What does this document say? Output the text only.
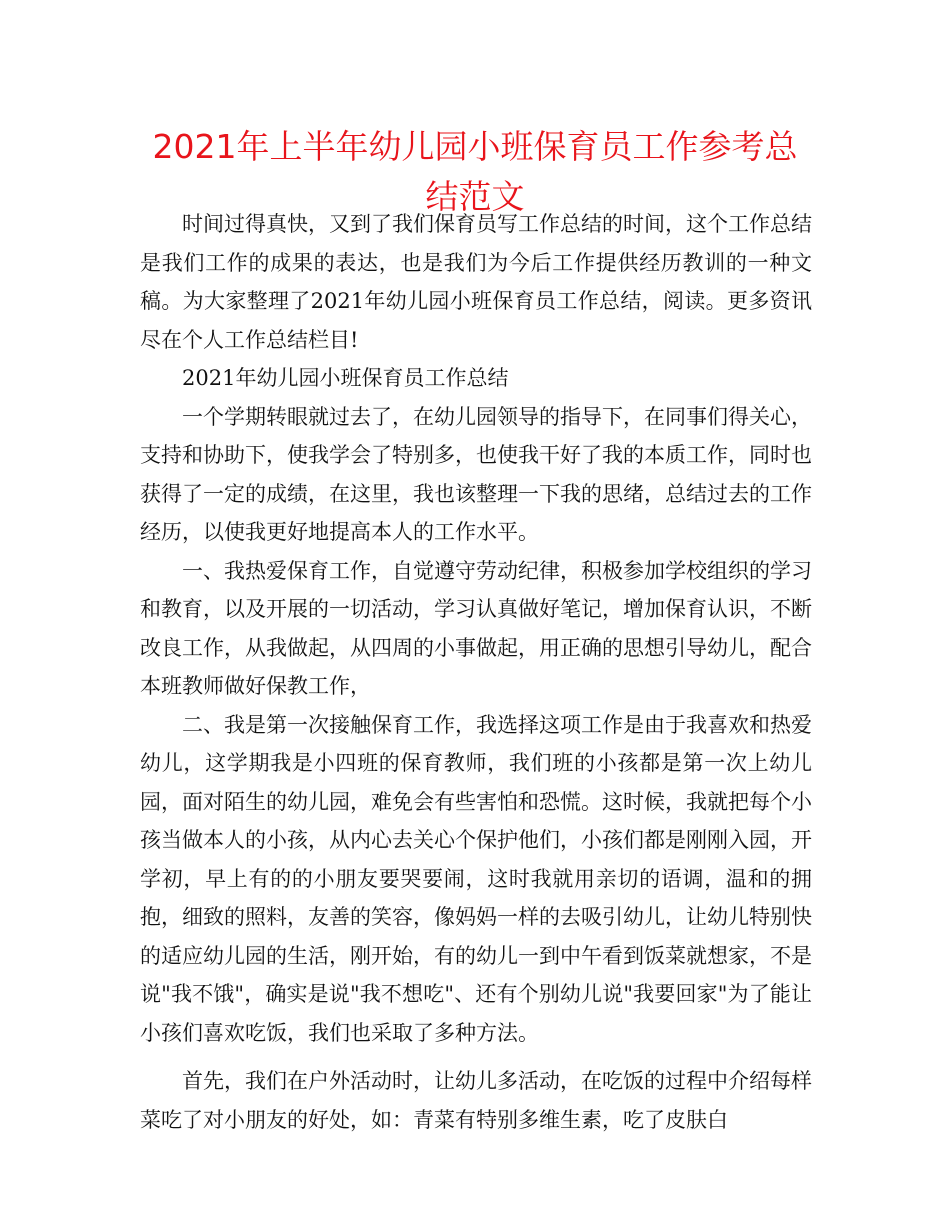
2021年上半年幼儿园小班保育员工作参考总结范文

时间过得真快，又到了我们保育员写工作总结的时间，这个工作总结是我们工作的成果的表达，也是我们为今后工作提供经历教训的一种文稿。为大家整理了2021年幼儿园小班保育员工作总结，阅读。更多资讯尽在个人工作总结栏目!

2021年幼儿园小班保育员工作总结

一个学期转眼就过去了，在幼儿园领导的指导下，在同事们得关心，支持和协助下，使我学会了特别多，也使我干好了我的本质工作，同时也获得了一定的成绩，在这里，我也该整理一下我的思绪，总结过去的工作经历，以使我更好地提高本人的工作水平。

一、我热爱保育工作，自觉遵守劳动纪律，积极参加学校组织的学习和教育，以及开展的一切活动，学习认真做好笔记，增加保育认识，不断改良工作，从我做起，从四周的小事做起，用正确的思想引导幼儿，配合本班教师做好保教工作，

二、我是第一次接触保育工作，我选择这项工作是由于我喜欢和热爱幼儿，这学期我是小四班的保育教师，我们班的小孩都是第一次上幼儿园，面对陌生的幼儿园，难免会有些害怕和恐慌。这时候，我就把每个小孩当做本人的小孩，从内心去关心个保护他们，小孩们都是刚刚入园，开学初，早上有的的小朋友要哭要闹，这时我就用亲切的语调，温和的拥抱，细致的照料，友善的笑容，像妈妈一样的去吸引幼儿，让幼儿特别快的适应幼儿园的生活，刚开始，有的幼儿一到中午看到饭菜就想家，不是说"我不饿"，确实是说"我不想吃"、还有个别幼儿说"我要回家"为了能让小孩们喜欢吃饭，我们也采取了多种方法。

首先，我们在户外活动时，让幼儿多活动，在吃饭的过程中介绍每样菜吃了对小朋友的好处，如：青菜有特别多维生素，吃了皮肤白
